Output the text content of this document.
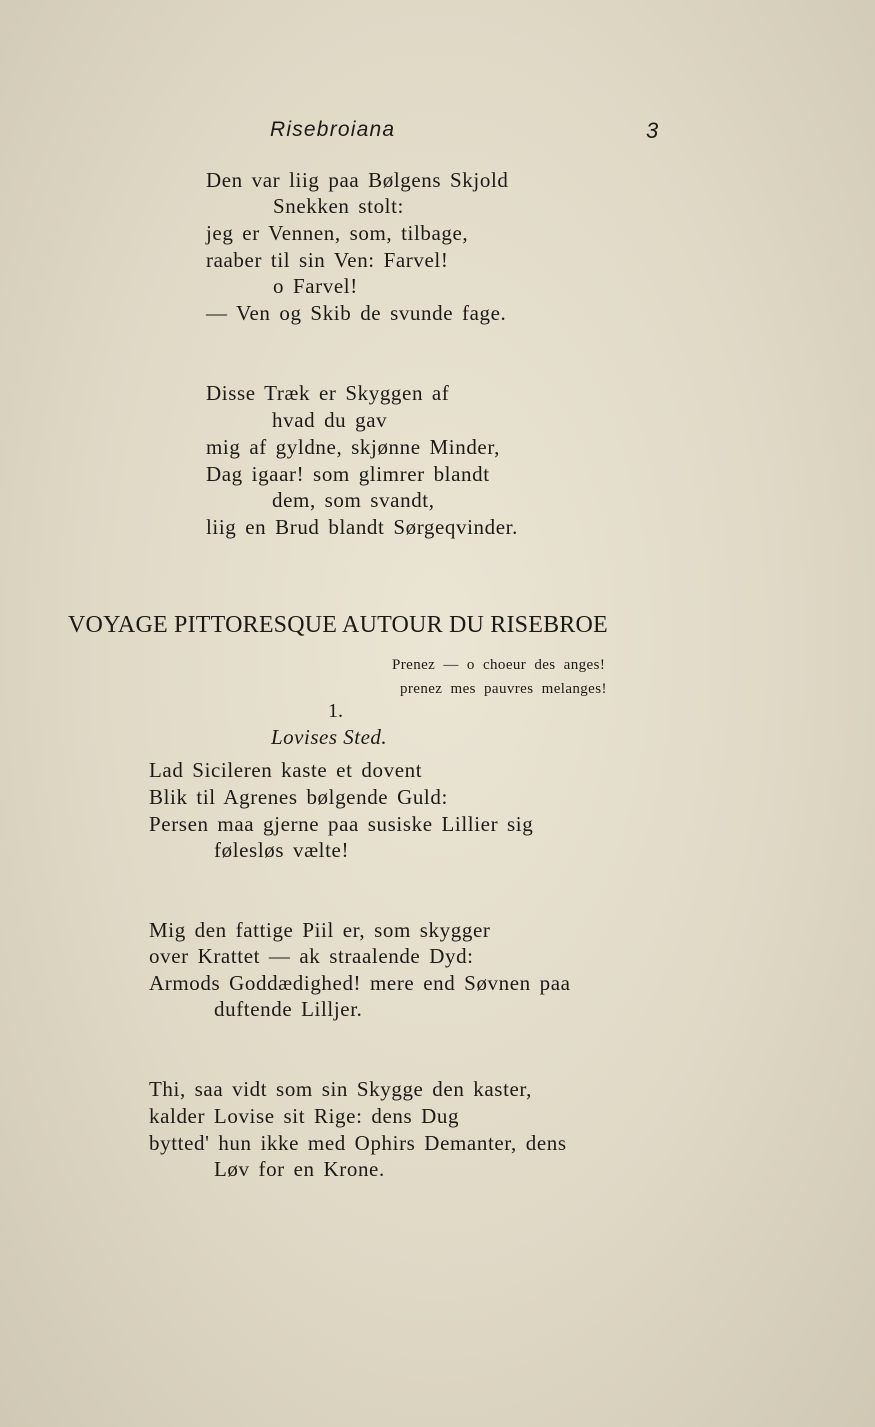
Risebroiana	3
Den var liig paa Bølgens Skjold
Snekken stolt:
jeg er Vennen, som, tilbage,
raaber til sin Ven: Farvel!
o Farvel!
— Ven og Skib de svunde fage.
Disse Træk er Skyggen af
hvad du gav
mig af gyldne, skjønne Minder,
Dag igaar! som glimrer blandt
dem, som svandt,
liig en Brud blandt Sørgeqvinder.
VOYAGE PITTORESQUE AUTOUR DU RISEBROE
Prenez — o choeur des anges!
prenez mes pauvres melanges!
1.
Lovises Sted.
Lad Sicileren kaste et dovent
Blik til Agrenes bølgende Guld:
Persen maa gjerne paa susiske Lillier sig
følesløs vælte!
Mig den fattige Piil er, som skygger
over Krattet — ak straalende Dyd:
Armods Goddædighed! mere end Søvnen paa
duftende Lilljer.
Thi, saa vidt som sin Skygge den kaster,
kalder Lovise sit Rige: dens Dug
bytted' hun ikke med Ophirs Demanter, dens
Løv for en Krone.
